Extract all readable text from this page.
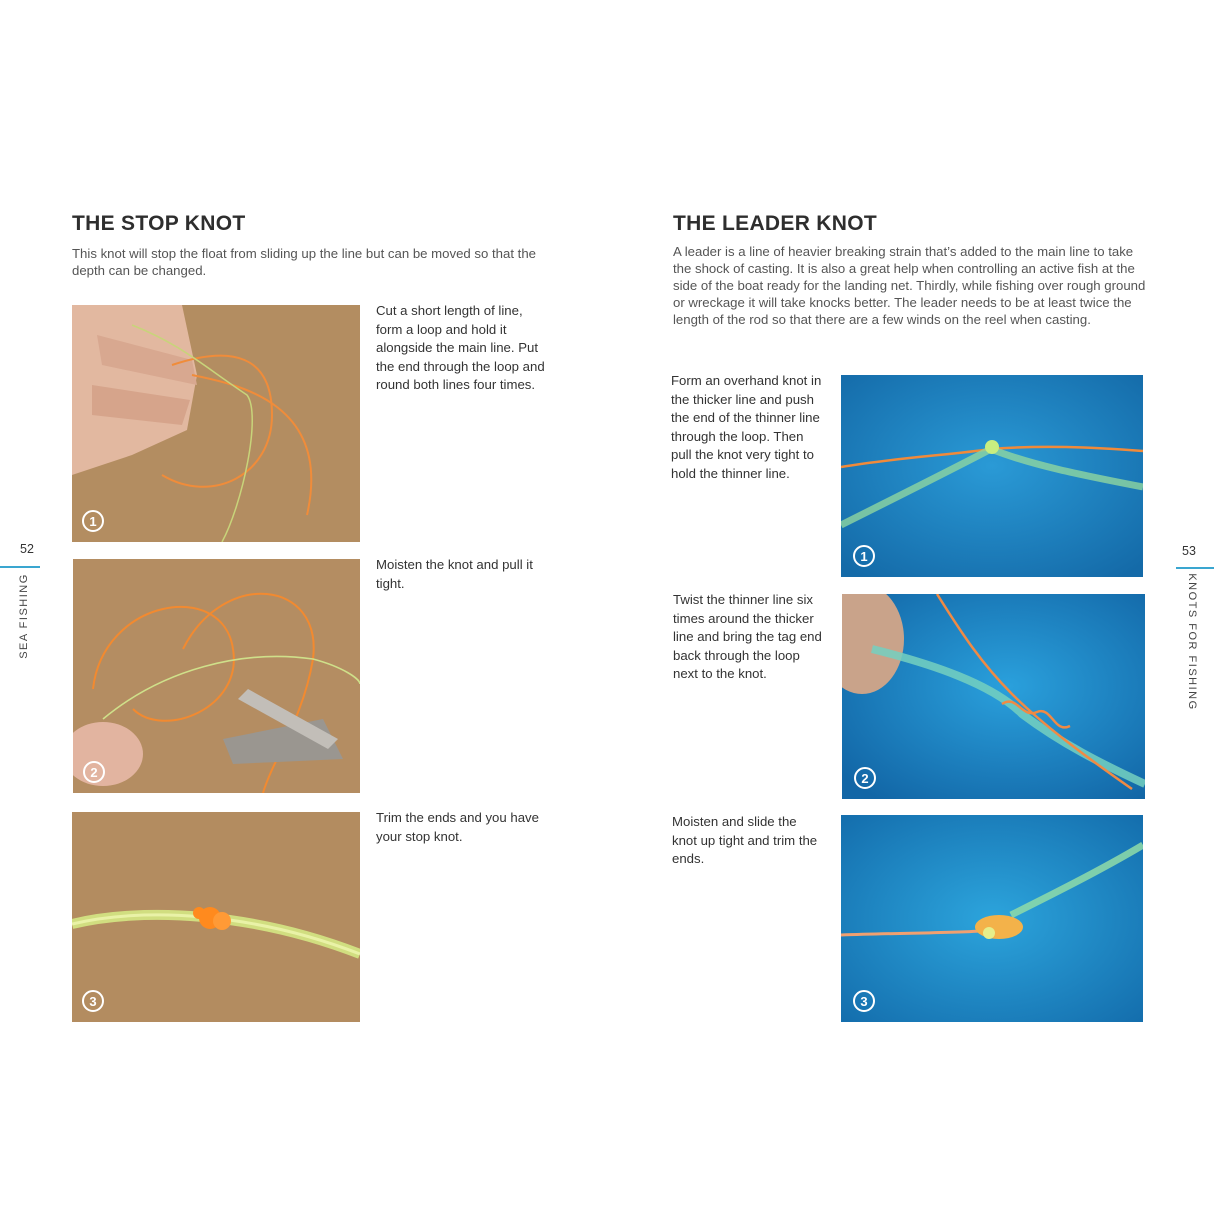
52
SEA FISHING
THE STOP KNOT
This knot will stop the float from sliding up the line but can be moved so that the depth can be changed.
1
Cut a short length of line, form a loop and hold it alongside the main line. Put the end through the loop and round both lines four times.
2
Moisten the knot and pull it tight.
3
Trim the ends and you have your stop knot.
THE LEADER KNOT
A leader is a line of heavier breaking strain that’s added to the main line to take the shock of casting. It is also a great help when controlling an active fish at the side of the boat ready for the landing net. Thirdly, while fishing over rough ground or wreckage it will take knocks better. The leader needs to be at least twice the length of the rod so that there are a few winds on the reel when casting.
1
Form an overhand knot in the thicker line and push the end of the thinner line through the loop. Then pull the knot very tight to hold the thinner line.
2
Twist the thinner line six times around the thicker line and bring the tag end back through the loop next to the knot.
3
Moisten and slide the knot up tight and trim the ends.
53
KNOTS FOR FISHING
